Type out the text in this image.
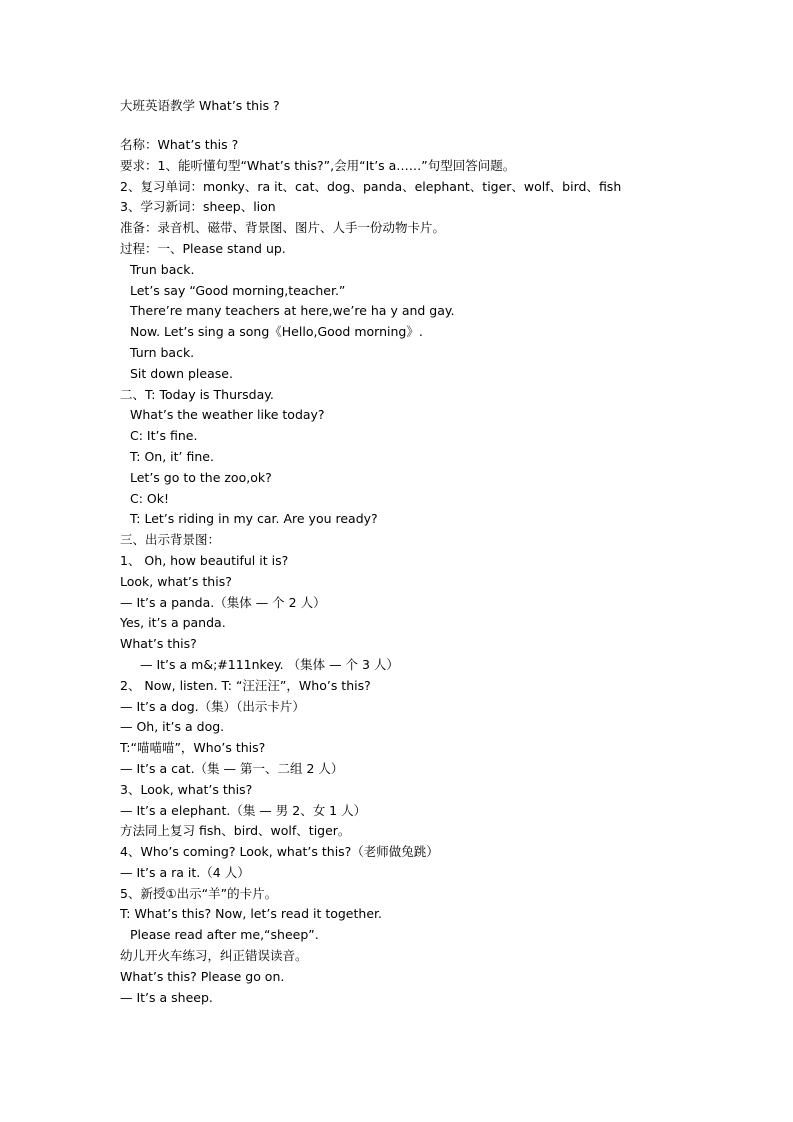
大班英语教学 What’s this ?
名称：What’s this ?
要求：1、能听懂句型“What’s this?”,会用“It’s a……”句型回答问题。
2、复习单词：monky、ra it、cat、dog、panda、elephant、tiger、wolf、bird、fish
3、学习新词：sheep、lion
准备：录音机、磁带、背景图、图片、人手一份动物卡片。
过程：一、Please stand up.
Trun back.
Let’s say “Good morning,teacher.”
There’re many teachers at here,we’re ha y and gay.
Now. Let’s sing a song《Hello,Good morning》.
Turn back.
Sit down please.
二、T: Today is Thursday.
What’s the weather like today?
C: It’s fine.
T: On, it’ fine.
Let’s go to the zoo,ok?
C: Ok!
T: Let’s riding in my car. Are you ready?
三、出示背景图：
1、 Oh, how beautiful it is?
Look, what’s this?
— It’s a panda.（集体 — 个 2 人）
Yes, it’s a panda.
What’s this?
— It’s a m&;#111nkey. （集体 — 个 3 人）
2、 Now, listen. T: “汪汪汪”，Who’s this?
— It’s a dog.（集）（出示卡片）
— Oh, it’s a dog.
T:“喵喵喵”，Who’s this?
— It’s a cat.（集 — 第一、二组 2 人）
3、Look, what’s this?
— It’s a elephant.（集 — 男 2、女 1 人）
方法同上复习 fish、bird、wolf、tiger。
4、Who’s coming? Look, what’s this?（老师做兔跳）
— It’s a ra it.（4 人）
5、新授①出示“羊”的卡片。
T: What’s this? Now, let’s read it together.
Please read after me,“sheep”.
幼儿开火车练习，纠正错误读音。
What’s this? Please go on.
— It’s a sheep.
